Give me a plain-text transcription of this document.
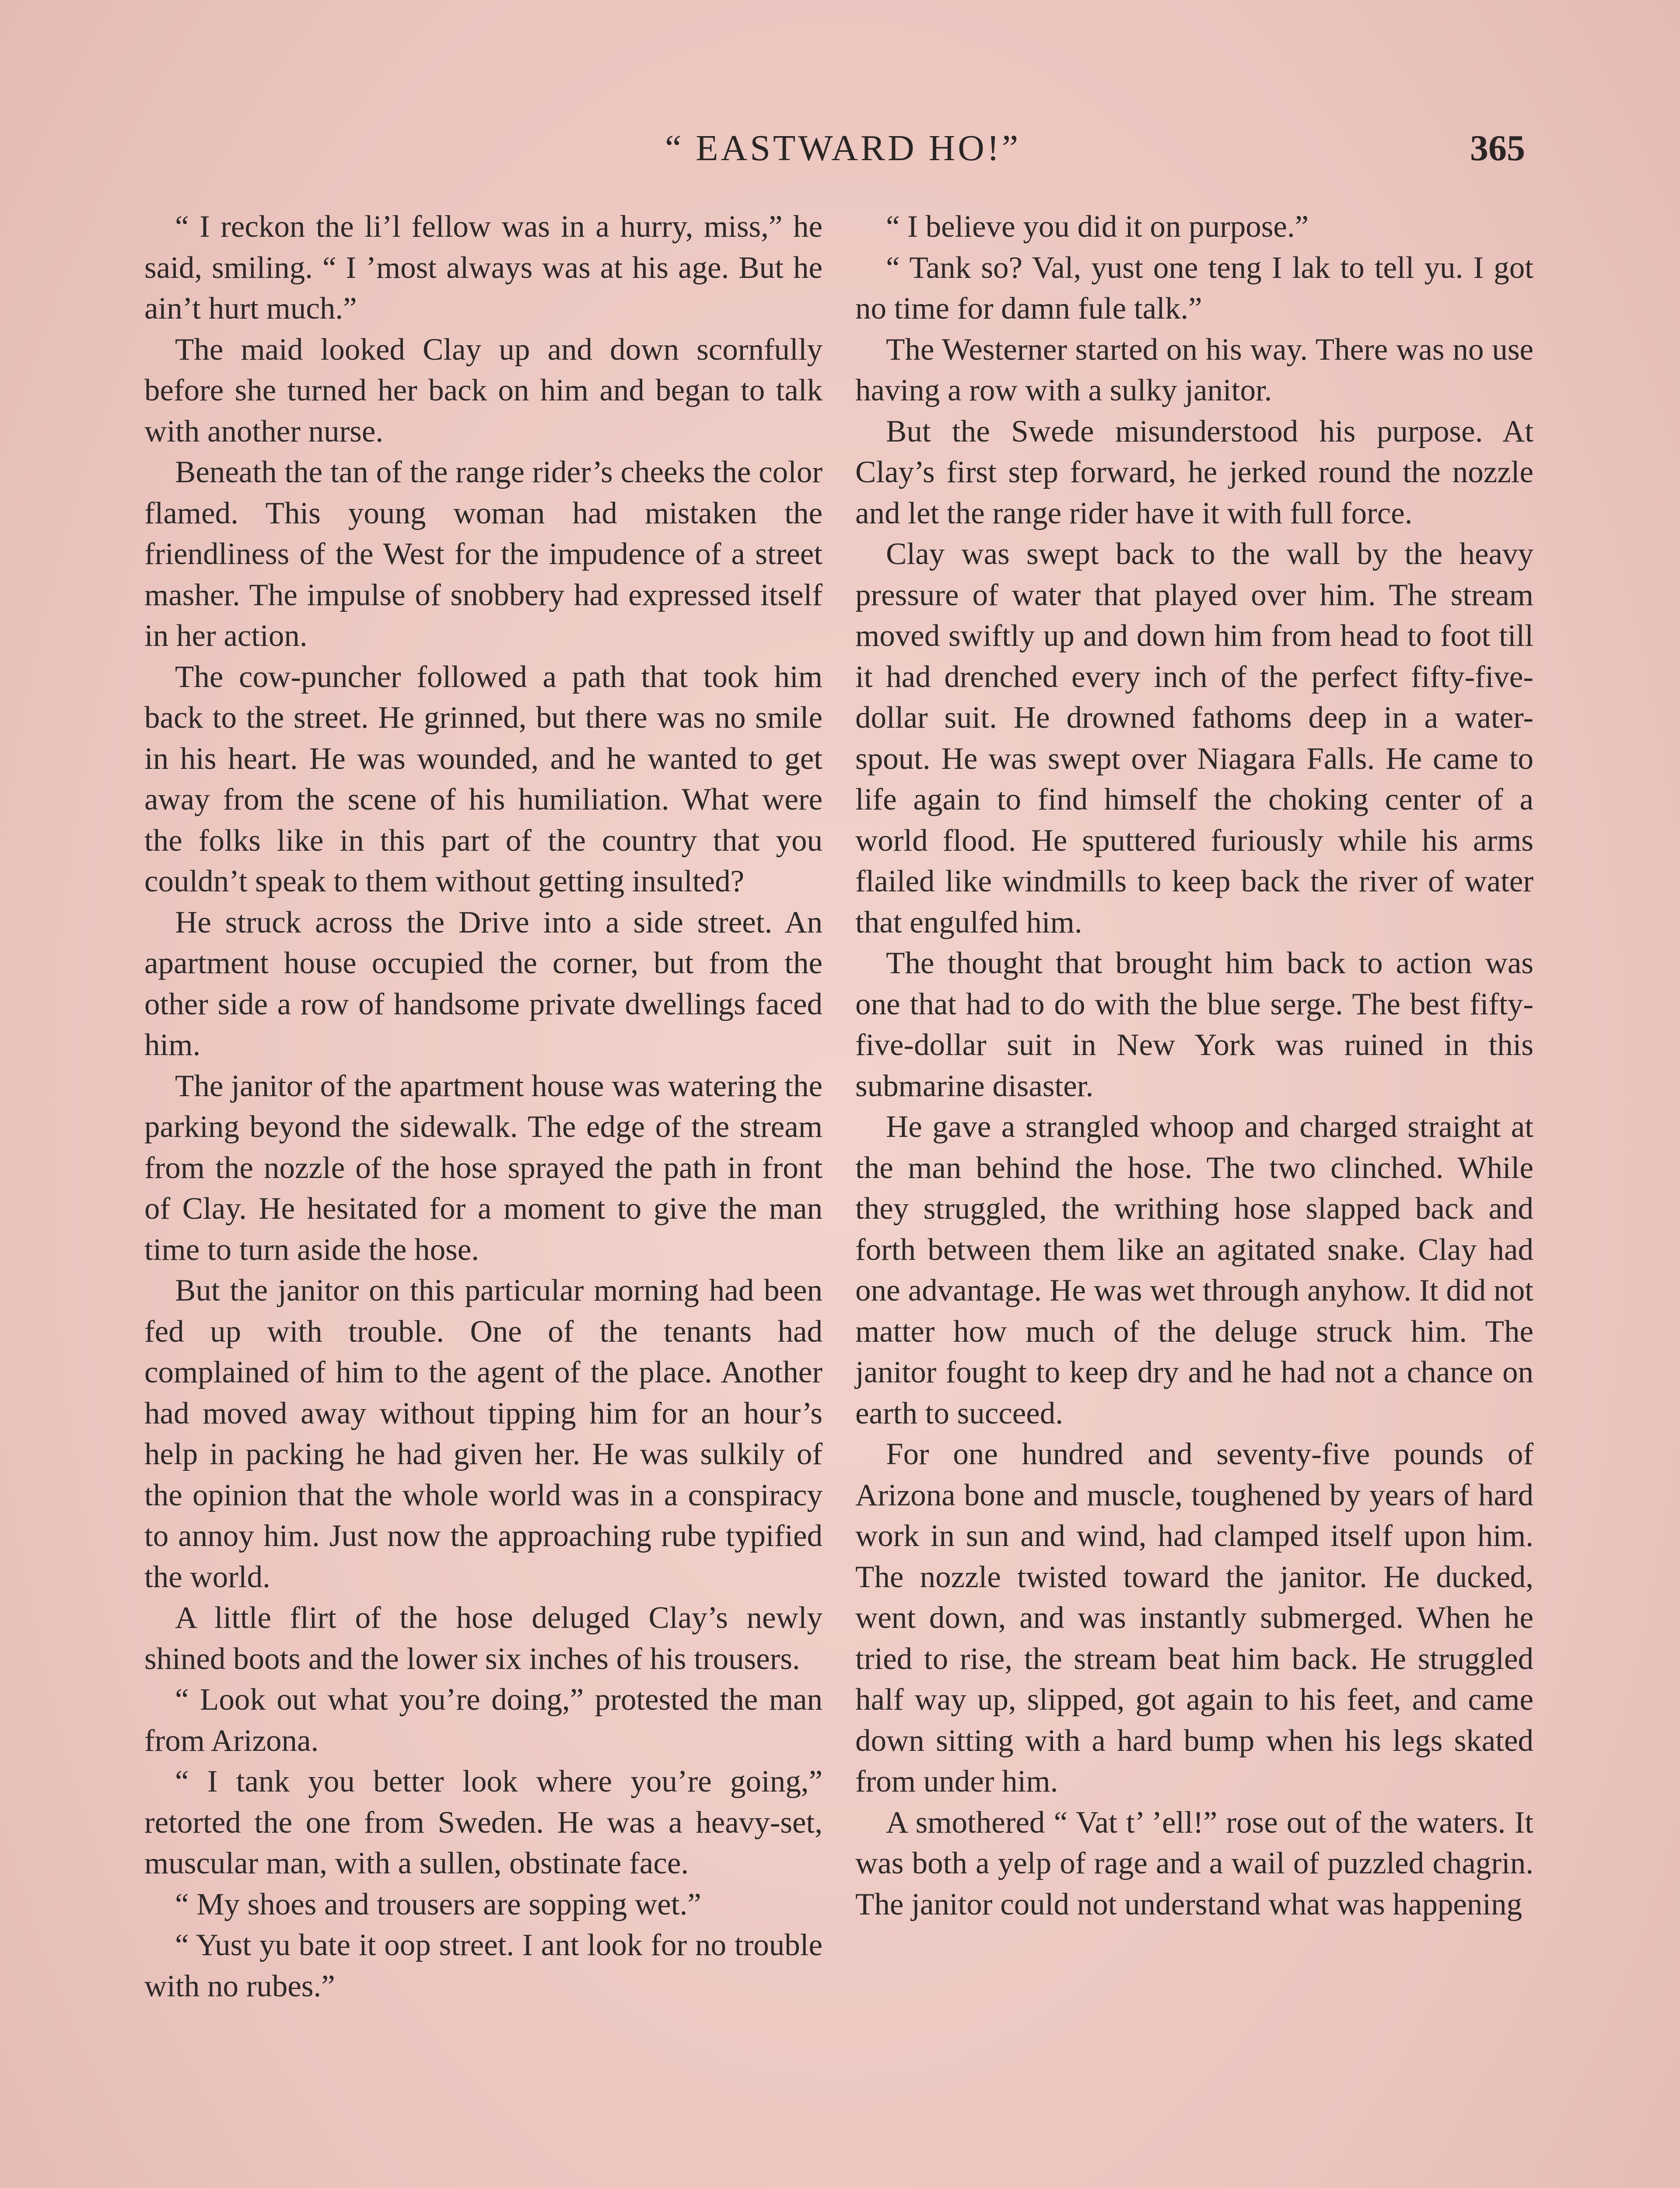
“ EASTWARD HO!”	365

“ I reckon the li’l fellow was in a hurry, miss,” he said, smiling. “ I ’most always was at his age. But he ain’t hurt much.”

The maid looked Clay up and down scornfully before she turned her back on him and began to talk with another nurse.

Beneath the tan of the range rider’s cheeks the color flamed. This young woman had mistaken the friendliness of the West for the impudence of a street masher. The impulse of snobbery had expressed itself in her action.

The cow-puncher followed a path that took him back to the street. He grinned, but there was no smile in his heart. He was wounded, and he wanted to get away from the scene of his humiliation. What were the folks like in this part of the country that you couldn’t speak to them without getting insulted?

He struck across the Drive into a side street. An apartment house occupied the corner, but from the other side a row of handsome private dwellings faced him.

The janitor of the apartment house was watering the parking beyond the sidewalk. The edge of the stream from the nozzle of the hose sprayed the path in front of Clay. He hesitated for a moment to give the man time to turn aside the hose.

But the janitor on this particular morning had been fed up with trouble. One of the tenants had complained of him to the agent of the place. Another had moved away without tipping him for an hour’s help in packing he had given her. He was sulkily of the opinion that the whole world was in a conspiracy to annoy him. Just now the approaching rube typified the world.

A little flirt of the hose deluged Clay’s newly shined boots and the lower six inches of his trousers.

“ Look out what you’re doing,” protested the man from Arizona.

“ I tank you better look where you’re going,” retorted the one from Sweden. He was a heavy-set, muscular man, with a sullen, obstinate face.

“ My shoes and trousers are sopping wet.”

“ Yust yu bate it oop street. I ant look for no trouble with no rubes.”

“ I believe you did it on purpose.”

“ Tank so? Val, yust one teng I lak to tell yu. I got no time for damn fule talk.”

The Westerner started on his way. There was no use having a row with a sulky janitor.

But the Swede misunderstood his purpose. At Clay’s first step forward, he jerked round the nozzle and let the range rider have it with full force.

Clay was swept back to the wall by the heavy pressure of water that played over him. The stream moved swiftly up and down him from head to foot till it had drenched every inch of the perfect fifty-five-dollar suit. He drowned fathoms deep in a water-spout. He was swept over Niagara Falls. He came to life again to find himself the choking center of a world flood. He sputtered furiously while his arms flailed like windmills to keep back the river of water that engulfed him.

The thought that brought him back to action was one that had to do with the blue serge. The best fifty-five-dollar suit in New York was ruined in this submarine disaster.

He gave a strangled whoop and charged straight at the man behind the hose. The two clinched. While they struggled, the writhing hose slapped back and forth between them like an agitated snake. Clay had one advantage. He was wet through anyhow. It did not matter how much of the deluge struck him. The janitor fought to keep dry and he had not a chance on earth to succeed.

For one hundred and seventy-five pounds of Arizona bone and muscle, toughened by years of hard work in sun and wind, had clamped itself upon him. The nozzle twisted toward the janitor. He ducked, went down, and was instantly submerged. When he tried to rise, the stream beat him back. He struggled half way up, slipped, got again to his feet, and came down sitting with a hard bump when his legs skated from under him.

A smothered “ Vat t’ ’ell!” rose out of the waters. It was both a yelp of rage and a wail of puzzled chagrin. The janitor could not understand what was happening
